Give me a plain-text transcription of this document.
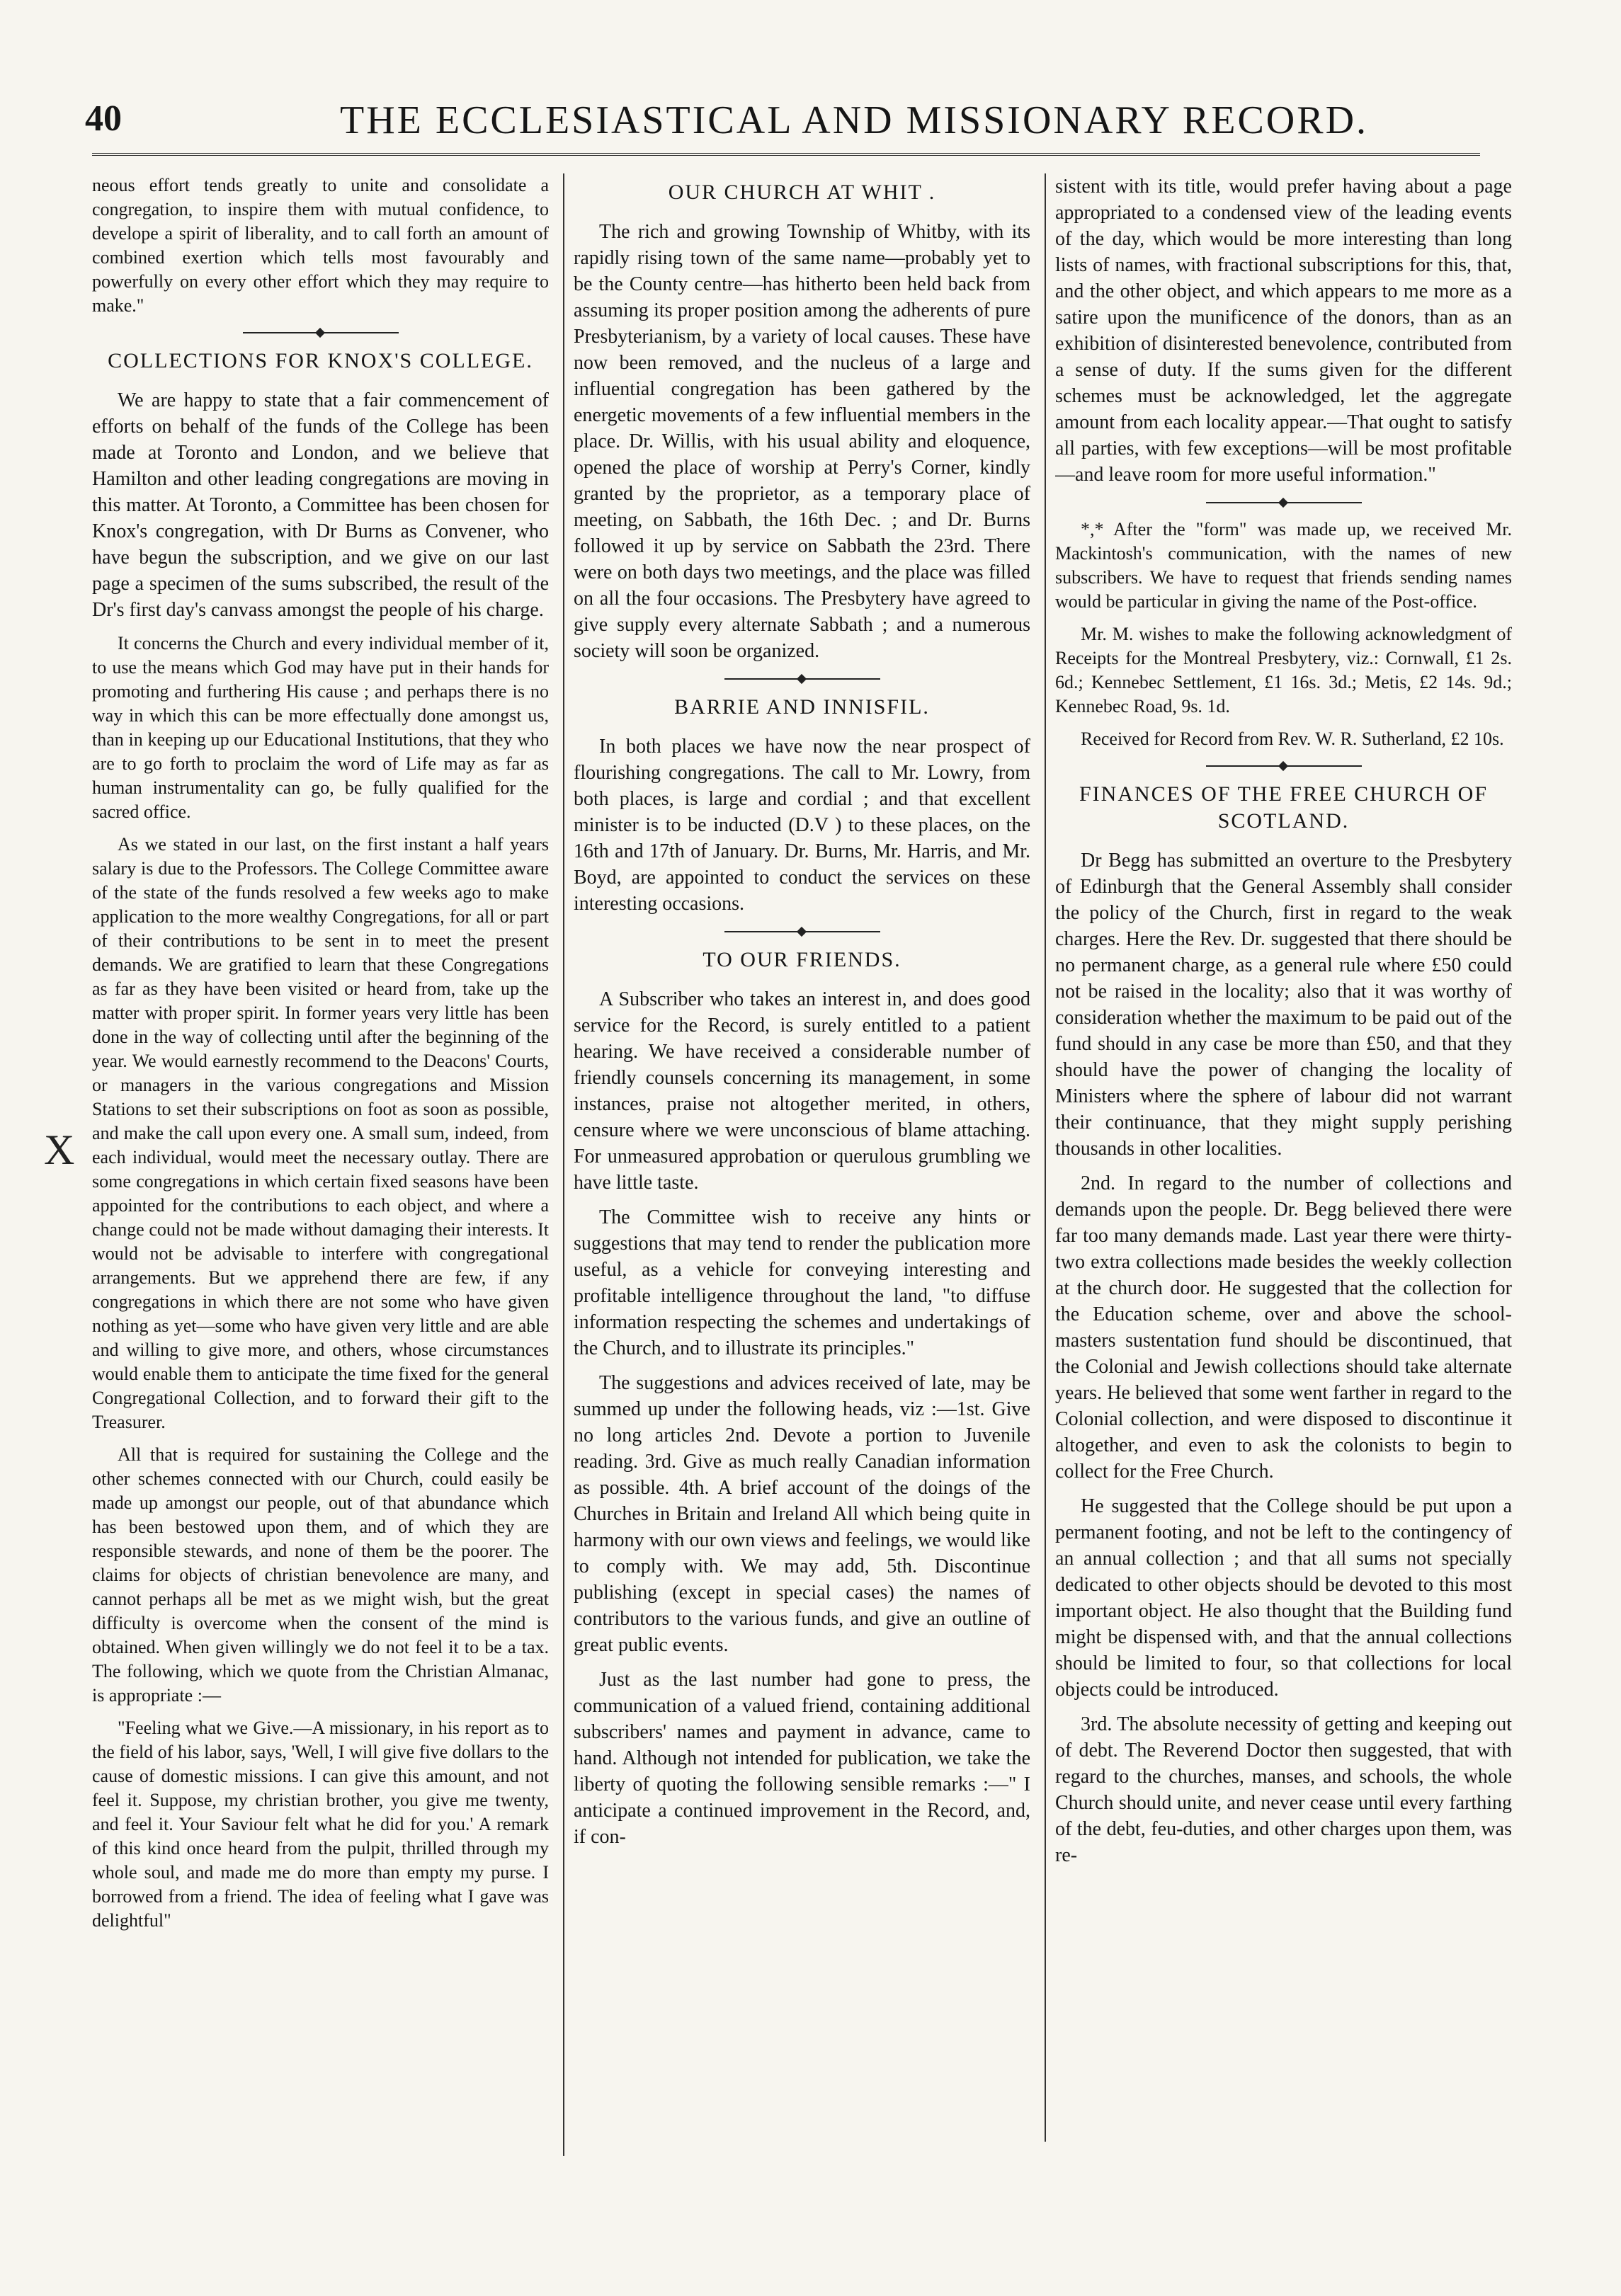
40	THE ECCLESIASTICAL AND MISSIONARY RECORD.
X

neous effort tends greatly to unite and consolidate a congregation, to inspire them with mutual confidence, to develope a spirit of liberality, and to call forth an amount of combined exertion which tells most favourably and powerfully on every other effort which they may require to make."

COLLECTIONS FOR KNOX'S COLLEGE.

We are happy to state that a fair commencement of efforts on behalf of the funds of the College has been made at Toronto and London, and we believe that Hamilton and other leading congregations are moving in this matter. At Toronto, a Committee has been chosen for Knox's congregation, with Dr Burns as Convener, who have begun the subscription, and we give on our last page a specimen of the sums subscribed, the result of the Dr's first day's canvass amongst the people of his charge.

It concerns the Church and every individual member of it, to use the means which God may have put in their hands for promoting and furthering His cause ; and perhaps there is no way in which this can be more effectually done amongst us, than in keeping up our Educational Institutions, that they who are to go forth to proclaim the word of Life may as far as human instrumentality can go, be fully qualified for the sacred office.

As we stated in our last, on the first instant a half years salary is due to the Professors. The College Committee aware of the state of the funds resolved a few weeks ago to make application to the more wealthy Congregations, for all or part of their contributions to be sent in to meet the present demands. We are gratified to learn that these Congregations as far as they have been visited or heard from, take up the matter with proper spirit. In former years very little has been done in the way of collecting until after the beginning of the year. We would earnestly recommend to the Deacons' Courts, or managers in the various congregations and Mission Stations to set their subscriptions on foot as soon as possible, and make the call upon every one. A small sum, indeed, from each individual, would meet the necessary outlay. There are some congregations in which certain fixed seasons have been appointed for the contributions to each object, and where a change could not be made without damaging their interests. It would not be advisable to interfere with congregational arrangements. But we apprehend there are few, if any congregations in which there are not some who have given nothing as yet—some who have given very little and are able and willing to give more, and others, whose circumstances would enable them to anticipate the time fixed for the general Congregational Collection, and to forward their gift to the Treasurer.

All that is required for sustaining the College and the other schemes connected with our Church, could easily be made up amongst our people, out of that abundance which has been bestowed upon them, and of which they are responsible stewards, and none of them be the poorer. The claims for objects of christian benevolence are many, and cannot perhaps all be met as we might wish, but the great difficulty is overcome when the consent of the mind is obtained. When given willingly we do not feel it to be a tax. The following, which we quote from the Christian Almanac, is appropriate :—

"Feeling what we Give.—A missionary, in his report as to the field of his labor, says, 'Well, I will give five dollars to the cause of domestic missions. I can give this amount, and not feel it. Suppose, my christian brother, you give me twenty, and feel it. Your Saviour felt what he did for you.' A remark of this kind once heard from the pulpit, thrilled through my whole soul, and made me do more than empty my purse. I borrowed from a friend. The idea of feeling what I gave was delightful"

OUR CHURCH AT WHIT .

The rich and growing Township of Whitby, with its rapidly rising town of the same name—probably yet to be the County centre—has hitherto been held back from assuming its proper position among the adherents of pure Presbyterianism, by a variety of local causes. These have now been removed, and the nucleus of a large and influential congregation has been gathered by the energetic movements of a few influential members in the place. Dr. Willis, with his usual ability and eloquence, opened the place of worship at Perry's Corner, kindly granted by the proprietor, as a temporary place of meeting, on Sabbath, the 16th Dec. ; and Dr. Burns followed it up by service on Sabbath the 23rd. There were on both days two meetings, and the place was filled on all the four occasions. The Presbytery have agreed to give supply every alternate Sabbath ; and a numerous society will soon be organized.

BARRIE AND INNISFIL.

In both places we have now the near prospect of flourishing congregations. The call to Mr. Lowry, from both places, is large and cordial ; and that excellent minister is to be inducted (D.V ) to these places, on the 16th and 17th of January. Dr. Burns, Mr. Harris, and Mr. Boyd, are appointed to conduct the services on these interesting occasions.

TO OUR FRIENDS.

A Subscriber who takes an interest in, and does good service for the Record, is surely entitled to a patient hearing. We have received a considerable number of friendly counsels concerning its management, in some instances, praise not altogether merited, in others, censure where we were unconscious of blame attaching. For unmeasured approbation or querulous grumbling we have little taste.

The Committee wish to receive any hints or suggestions that may tend to render the publication more useful, as a vehicle for conveying interesting and profitable intelligence throughout the land, "to diffuse information respecting the schemes and undertakings of the Church, and to illustrate its principles."

The suggestions and advices received of late, may be summed up under the following heads, viz :—1st. Give no long articles 2nd. Devote a portion to Juvenile reading. 3rd. Give as much really Canadian information as possible. 4th. A brief account of the doings of the Churches in Britain and Ireland All which being quite in harmony with our own views and feelings, we would like to comply with. We may add, 5th. Discontinue publishing (except in special cases) the names of contributors to the various funds, and give an outline of great public events.

Just as the last number had gone to press, the communication of a valued friend, containing additional subscribers' names and payment in advance, came to hand. Although not intended for publication, we take the liberty of quoting the following sensible remarks :—" I anticipate a continued improvement in the Record, and, if con-

sistent with its title, would prefer having about a page appropriated to a condensed view of the leading events of the day, which would be more interesting than long lists of names, with fractional subscriptions for this, that, and the other object, and which appears to me more as a satire upon the munificence of the donors, than as an exhibition of disinterested benevolence, contributed from a sense of duty. If the sums given for the different schemes must be acknowledged, let the aggregate amount from each locality appear.—That ought to satisfy all parties, with few exceptions—will be most profitable—and leave room for more useful information."

*,* After the "form" was made up, we received Mr. Mackintosh's communication, with the names of new subscribers. We have to request that friends sending names would be particular in giving the name of the Post-office.

Mr. M. wishes to make the following acknowledgment of Receipts for the Montreal Presbytery, viz.: Cornwall, £1 2s. 6d.; Kennebec Settlement, £1 16s. 3d.; Metis, £2 14s. 9d.; Kennebec Road, 9s. 1d.

Received for Record from Rev. W. R. Sutherland, £2 10s.

FINANCES OF THE FREE CHURCH OF SCOTLAND.

Dr Begg has submitted an overture to the Presbytery of Edinburgh that the General Assembly shall consider the policy of the Church, first in regard to the weak charges. Here the Rev. Dr. suggested that there should be no permanent charge, as a general rule where £50 could not be raised in the locality; also that it was worthy of consideration whether the maximum to be paid out of the fund should in any case be more than £50, and that they should have the power of changing the locality of Ministers where the sphere of labour did not warrant their continuance, that they might supply perishing thousands in other localities.

2nd. In regard to the number of collections and demands upon the people. Dr. Begg believed there were far too many demands made. Last year there were thirty-two extra collections made besides the weekly collection at the church door. He suggested that the collection for the Education scheme, over and above the school-masters sustentation fund should be discontinued, that the Colonial and Jewish collections should take alternate years. He believed that some went farther in regard to the Colonial collection, and were disposed to discontinue it altogether, and even to ask the colonists to begin to collect for the Free Church.

He suggested that the College should be put upon a permanent footing, and not be left to the contingency of an annual collection ; and that all sums not specially dedicated to other objects should be devoted to this most important object. He also thought that the Building fund might be dispensed with, and that the annual collections should be limited to four, so that collections for local objects could be introduced.

3rd. The absolute necessity of getting and keeping out of debt. The Reverend Doctor then suggested, that with regard to the churches, manses, and schools, the whole Church should unite, and never cease until every farthing of the debt, feu-duties, and other charges upon them, was re-
